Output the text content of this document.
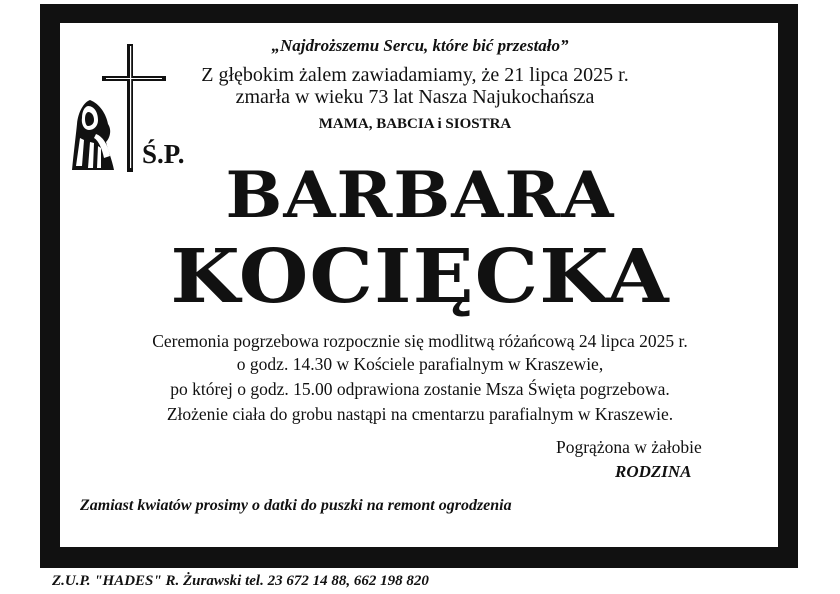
„Najdroższemu Sercu, które bić przestało”
Z głębokim żalem zawiadamiamy, że 21 lipca 2025 r.
zmarła w wieku 73 lat Nasza Najukochańsza
MAMA, BABCIA i SIOSTRA
Ś.P.
BARBARA
KOCIĘCKA
Ceremonia pogrzebowa rozpocznie się modlitwą różańcową 24 lipca 2025 r.
o godz. 14.30 w Kościele parafialnym w Kraszewie,
po której o godz. 15.00 odprawiona zostanie Msza Święta pogrzebowa.
Złożenie ciała do grobu nastąpi na cmentarzu parafialnym w Kraszewie.
Pogrążona w żałobie
RODZINA
Zamiast kwiatów prosimy o datki do puszki na remont ogrodzenia
Z.U.P. "HADES" R. Żurawski tel. 23 672 14 88, 662 198 820
